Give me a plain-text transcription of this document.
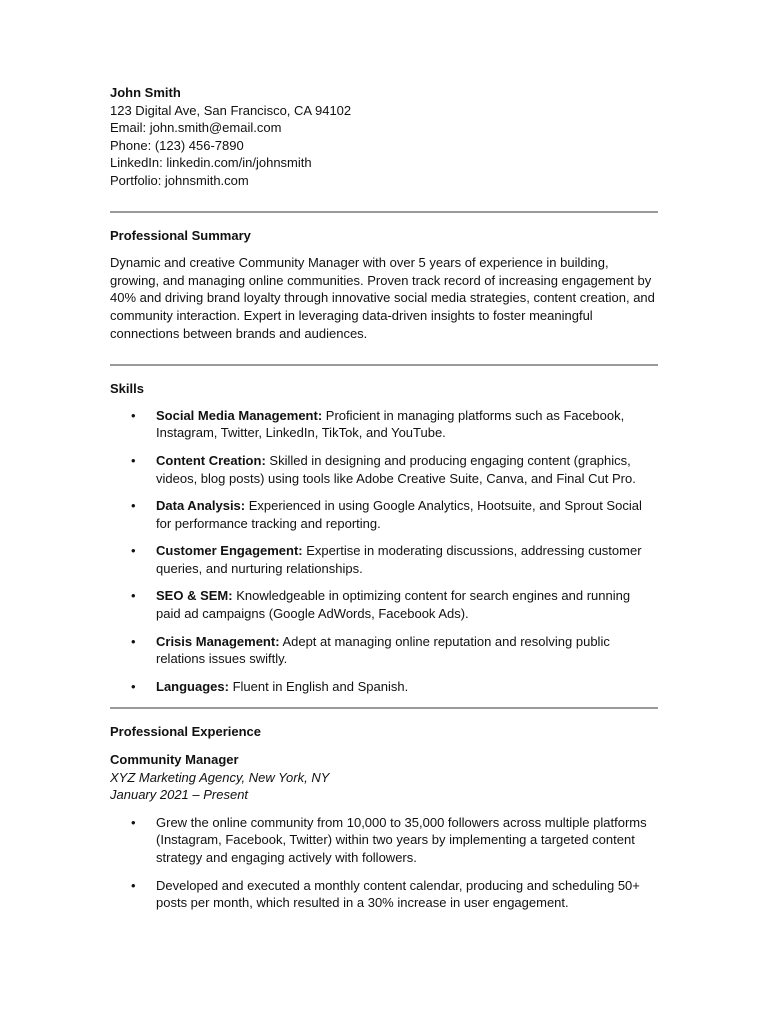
John Smith

123 Digital Ave, San Francisco, CA 94102

Email: john.smith@email.com

Phone: (123) 456-7890

LinkedIn: linkedin.com/in/johnsmith

Portfolio: johnsmith.com

Professional Summary

Dynamic and creative Community Manager with over 5 years of experience in building, growing, and managing online communities. Proven track record of increasing engagement by 40% and driving brand loyalty through innovative social media strategies, content creation, and community interaction. Expert in leveraging data-driven insights to foster meaningful connections between brands and audiences.

Skills

• Social Media Management: Proficient in managing platforms such as Facebook, Instagram, Twitter, LinkedIn, TikTok, and YouTube.
• Content Creation: Skilled in designing and producing engaging content (graphics, videos, blog posts) using tools like Adobe Creative Suite, Canva, and Final Cut Pro.
• Data Analysis: Experienced in using Google Analytics, Hootsuite, and Sprout Social for performance tracking and reporting.
• Customer Engagement: Expertise in moderating discussions, addressing customer queries, and nurturing relationships.
• SEO & SEM: Knowledgeable in optimizing content for search engines and running paid ad campaigns (Google AdWords, Facebook Ads).
• Crisis Management: Adept at managing online reputation and resolving public relations issues swiftly.
• Languages: Fluent in English and Spanish.

Professional Experience

Community Manager

XYZ Marketing Agency, New York, NY

January 2021 – Present

• Grew the online community from 10,000 to 35,000 followers across multiple platforms (Instagram, Facebook, Twitter) within two years by implementing a targeted content strategy and engaging actively with followers.
• Developed and executed a monthly content calendar, producing and scheduling 50+ posts per month, which resulted in a 30% increase in user engagement.
